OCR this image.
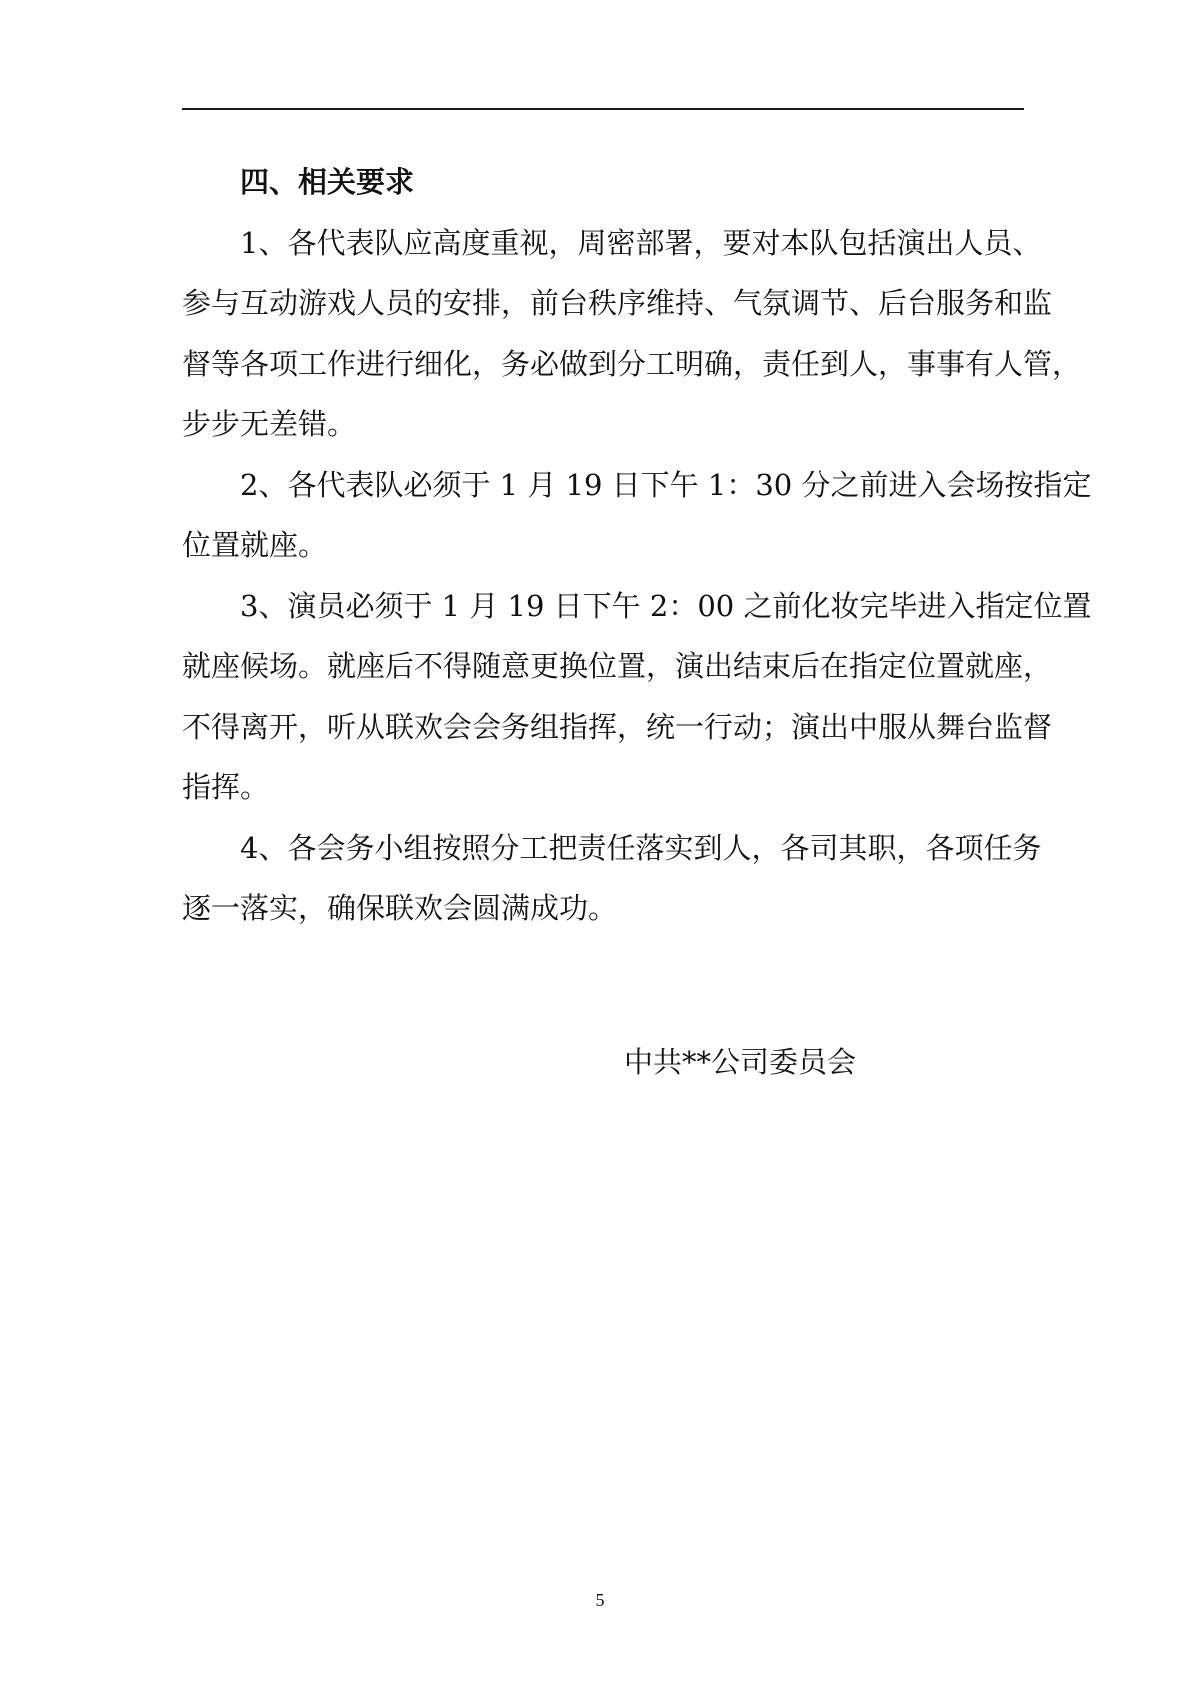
四、相关要求
1、各代表队应高度重视，周密部署，要对本队包括演出人员、
参与互动游戏人员的安排，前台秩序维持、气氛调节、后台服务和监
督等各项工作进行细化，务必做到分工明确，责任到人，事事有人管，
步步无差错。
2、各代表队必须于 1 月 19 日下午 1：30 分之前进入会场按指定
位置就座。
3、演员必须于 1 月 19 日下午 2：00 之前化妆完毕进入指定位置
就座候场。就座后不得随意更换位置，演出结束后在指定位置就座，
不得离开，听从联欢会会务组指挥，统一行动；演出中服从舞台监督
指挥。
4、各会务小组按照分工把责任落实到人，各司其职，各项任务
逐一落实，确保联欢会圆满成功。
中共**公司委员会
5
